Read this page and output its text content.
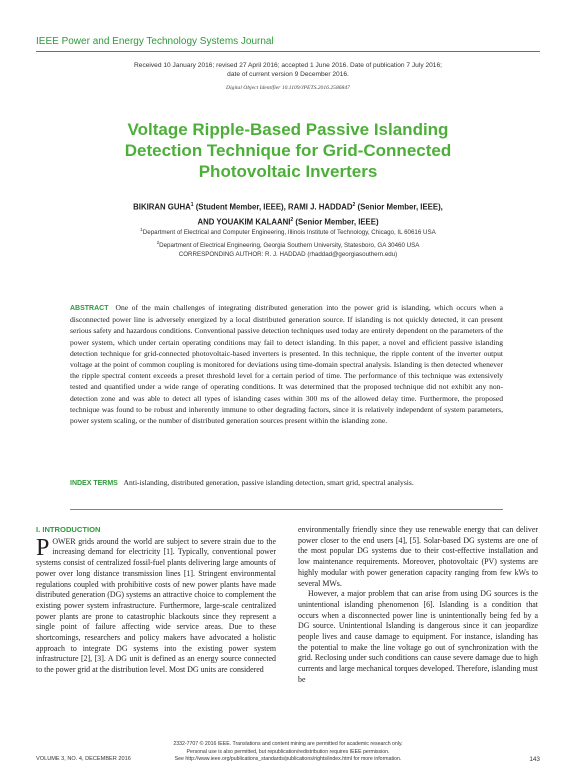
IEEE Power and Energy Technology Systems Journal
Received 10 January 2016; revised 27 April 2016; accepted 1 June 2016. Date of publication 7 July 2016;
date of current version 9 December 2016.
Digital Object Identifier 10.1109/JPETS.2016.2586847
Voltage Ripple-Based Passive Islanding
Detection Technique for Grid-Connected
Photovoltaic Inverters
BIKIRAN GUHA$^1$ (Student Member, IEEE), RAMI J. HADDAD$^2$ (Senior Member, IEEE),
AND YOUAKIM KALAANI$^2$ (Senior Member, IEEE)
$^1$Department of Electrical and Computer Engineering, Illinois Institute of Technology, Chicago, IL 60616 USA
$^2$Department of Electrical Engineering, Georgia Southern University, Statesboro, GA 30460 USA
CORRESPONDING AUTHOR: R. J. HADDAD (rhaddad@georgiasouthern.edu)
ABSTRACT One of the main challenges of integrating distributed generation into the power grid is islanding, which occurs when a disconnected power line is adversely energized by a local distributed generation source. If islanding is not quickly detected, it can present serious safety and hazardous conditions. Conventional passive detection techniques used today are entirely dependent on the parameters of the power system, which under certain operating conditions may fail to detect islanding. In this paper, a novel and efficient passive islanding detection technique for grid-connected photovoltaic-based inverters is presented. In this technique, the ripple content of the inverter output voltage at the point of common coupling is monitored for deviations using time-domain spectral analysis. Islanding is then detected whenever the ripple spectral content exceeds a preset threshold level for a certain period of time. The performance of this technique was extensively tested and quantified under a wide range of operating conditions. It was determined that the proposed technique did not exhibit any non-detection zone and was able to detect all types of islanding cases within 300 ms of the allowed delay time. Furthermore, the proposed technique was found to be robust and inherently immune to other degrading factors, since it is relatively independent of system parameters, power system scaling, or the number of distributed generation sources present within the islanding zone.
INDEX TERMS Anti-islanding, distributed generation, passive islanding detection, smart grid, spectral analysis.
I. INTRODUCTION

POWER grids around the world are subject to severe strain due to the increasing demand for electricity [1]. Typically, conventional power systems consist of centralized fossil-fuel plants delivering large amounts of power over long distance transmission lines [1]. Stringent environmental regulations coupled with prohibitive costs of new power plants have made distributed generation (DG) systems an attractive choice to complement the existing power system infrastructure. Furthermore, large-scale centralized power plants are prone to catastrophic blackouts since they represent a single point of failure affecting wide service areas. Due to these shortcomings, researchers and policy makers have advocated a holistic approach to integrate DG systems into the existing power system infrastructure [2], [3]. A DG unit is defined as an energy source connected to the power grid at the distribution level. Most DG units are considered

environmentally friendly since they use renewable energy that can deliver power closer to the end users [4], [5]. Solar-based DG systems are one of the most popular DG systems due to their cost-effective installation and low maintenance requirements. Moreover, photovoltaic (PV) systems are highly modular with power generation capacity ranging from few kWs to several MWs.

However, a major problem that can arise from using DG sources is the unintentional islanding phenomenon [6]. Islanding is a condition that occurs when a disconnected power line is unintentionally being fed by a DG source. Unintentional Islanding is dangerous since it can jeopardize people lives and cause damage to equipment. For instance, islanding has the potential to make the line voltage go out of synchronization with the grid. Reclosing under such conditions can cause severe damage due to high currents and large mechanical torques developed. Therefore, islanding must be

2332-7707 © 2016 IEEE. Translations and content mining are permitted for academic research only.
Personal use is also permitted, but republication/redistribution requires IEEE permission.
See http://www.ieee.org/publications_standards/publications/rights/index.html for more information.
VOLUME 3, NO. 4, DECEMBER 2016	143
